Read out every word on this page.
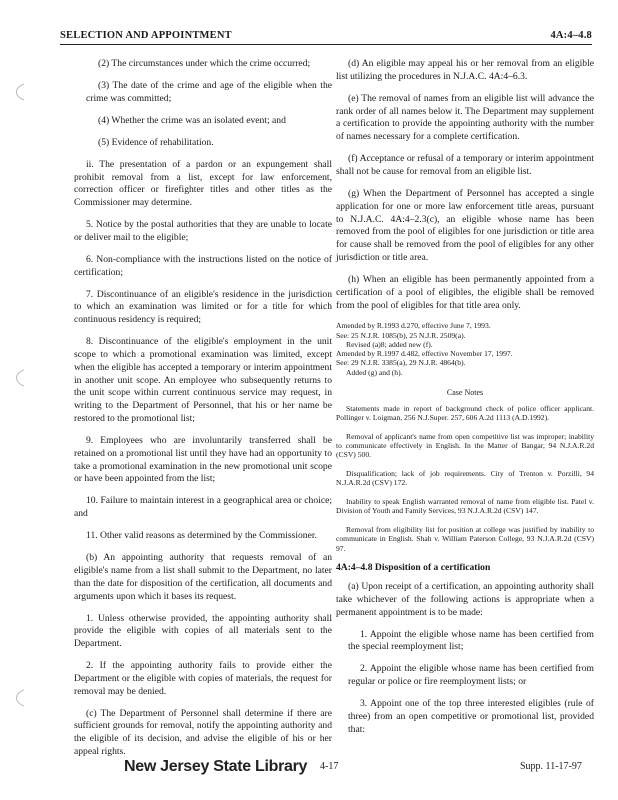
SELECTION AND APPOINTMENT	4A:4–4.8

(2) The circumstances under which the crime occurred;

(3) The date of the crime and age of the eligible when the crime was committed;

(4) Whether the crime was an isolated event; and

(5) Evidence of rehabilitation.

ii. The presentation of a pardon or an expungement shall prohibit removal from a list, except for law enforcement, correction officer or firefighter titles and other titles as the Commissioner may determine.

5. Notice by the postal authorities that they are unable to locate or deliver mail to the eligible;

6. Non-compliance with the instructions listed on the notice of certification;

7. Discontinuance of an eligible's residence in the jurisdiction to which an examination was limited or for a title for which continuous residency is required;

8. Discontinuance of the eligible's employment in the unit scope to which a promotional examination was limited, except when the eligible has accepted a temporary or interim appointment in another unit scope. An employee who subsequently returns to the unit scope within current continuous service may request, in writing to the Department of Personnel, that his or her name be restored to the promotional list;

9. Employees who are involuntarily transferred shall be retained on a promotional list until they have had an opportunity to take a promotional examination in the new promotional unit scope or have been appointed from the list;

10. Failure to maintain interest in a geographical area or choice; and

11. Other valid reasons as determined by the Commissioner.

(b) An appointing authority that requests removal of an eligible's name from a list shall submit to the Department, no later than the date for disposition of the certification, all documents and arguments upon which it bases its request.

1. Unless otherwise provided, the appointing authority shall provide the eligible with copies of all materials sent to the Department.

2. If the appointing authority fails to provide either the Department or the eligible with copies of materials, the request for removal may be denied.

(c) The Department of Personnel shall determine if there are sufficient grounds for removal, notify the appointing authority and the eligible of its decision, and advise the eligible of his or her appeal rights.

(d) An eligible may appeal his or her removal from an eligible list utilizing the procedures in N.J.A.C. 4A:4–6.3.

(e) The removal of names from an eligible list will advance the rank order of all names below it. The Department may supplement a certification to provide the appointing authority with the number of names necessary for a complete certification.

(f) Acceptance or refusal of a temporary or interim appointment shall not be cause for removal from an eligible list.

(g) When the Department of Personnel has accepted a single application for one or more law enforcement title areas, pursuant to N.J.A.C. 4A:4–2.3(c), an eligible whose name has been removed from the pool of eligibles for one jurisdiction or title area for cause shall be removed from the pool of eligibles for any other jurisdiction or title area.

(h) When an eligible has been permanently appointed from a certification of a pool of eligibles, the eligible shall be removed from the pool of eligibles for that title area only.

Amended by R.1993 d.270, effective June 7, 1993.
See: 25 N.J.R. 1085(b), 25 N.J.R. 2509(a).
Revised (a)8; added new (f).
Amended by R.1997 d.482, effective November 17, 1997.
See: 29 N.J.R. 3385(a), 29 N.J.R. 4864(b).
Added (g) and (h).
Case Notes

Statements made in report of background check of police officer applicant. Pollinger v. Loigman, 256 N.J.Super. 257, 606 A.2d 1113 (A.D.1992).

Removal of applicant's name from open competitive list was improper; inability to communicate effectively in English. In the Matter of Bangar, 94 N.J.A.R.2d (CSV) 500.

Disqualification; lack of job requirements. City of Trenton v. Porzilli, 94 N.J.A.R.2d (CSV) 172.

Inability to speak English warranted removal of name from eligible list. Patel v. Division of Youth and Family Services, 93 N.J.A.R.2d (CSV) 147.

Removal from eligibility list for position at college was justified by inability to communicate in English. Shah v. William Paterson College, 93 N.J.A.R.2d (CSV) 97.

4A:4–4.8 Disposition of a certification

(a) Upon receipt of a certification, an appointing authority shall take whichever of the following actions is appropriate when a permanent appointment is to be made:

1. Appoint the eligible whose name has been certified from the special reemployment list;

2. Appoint the eligible whose name has been certified from regular or police or fire reemployment lists; or

3. Appoint one of the top three interested eligibles (rule of three) from an open competitive or promotional list, provided that:

New Jersey State Library 4-17	Supp. 11-17-97
